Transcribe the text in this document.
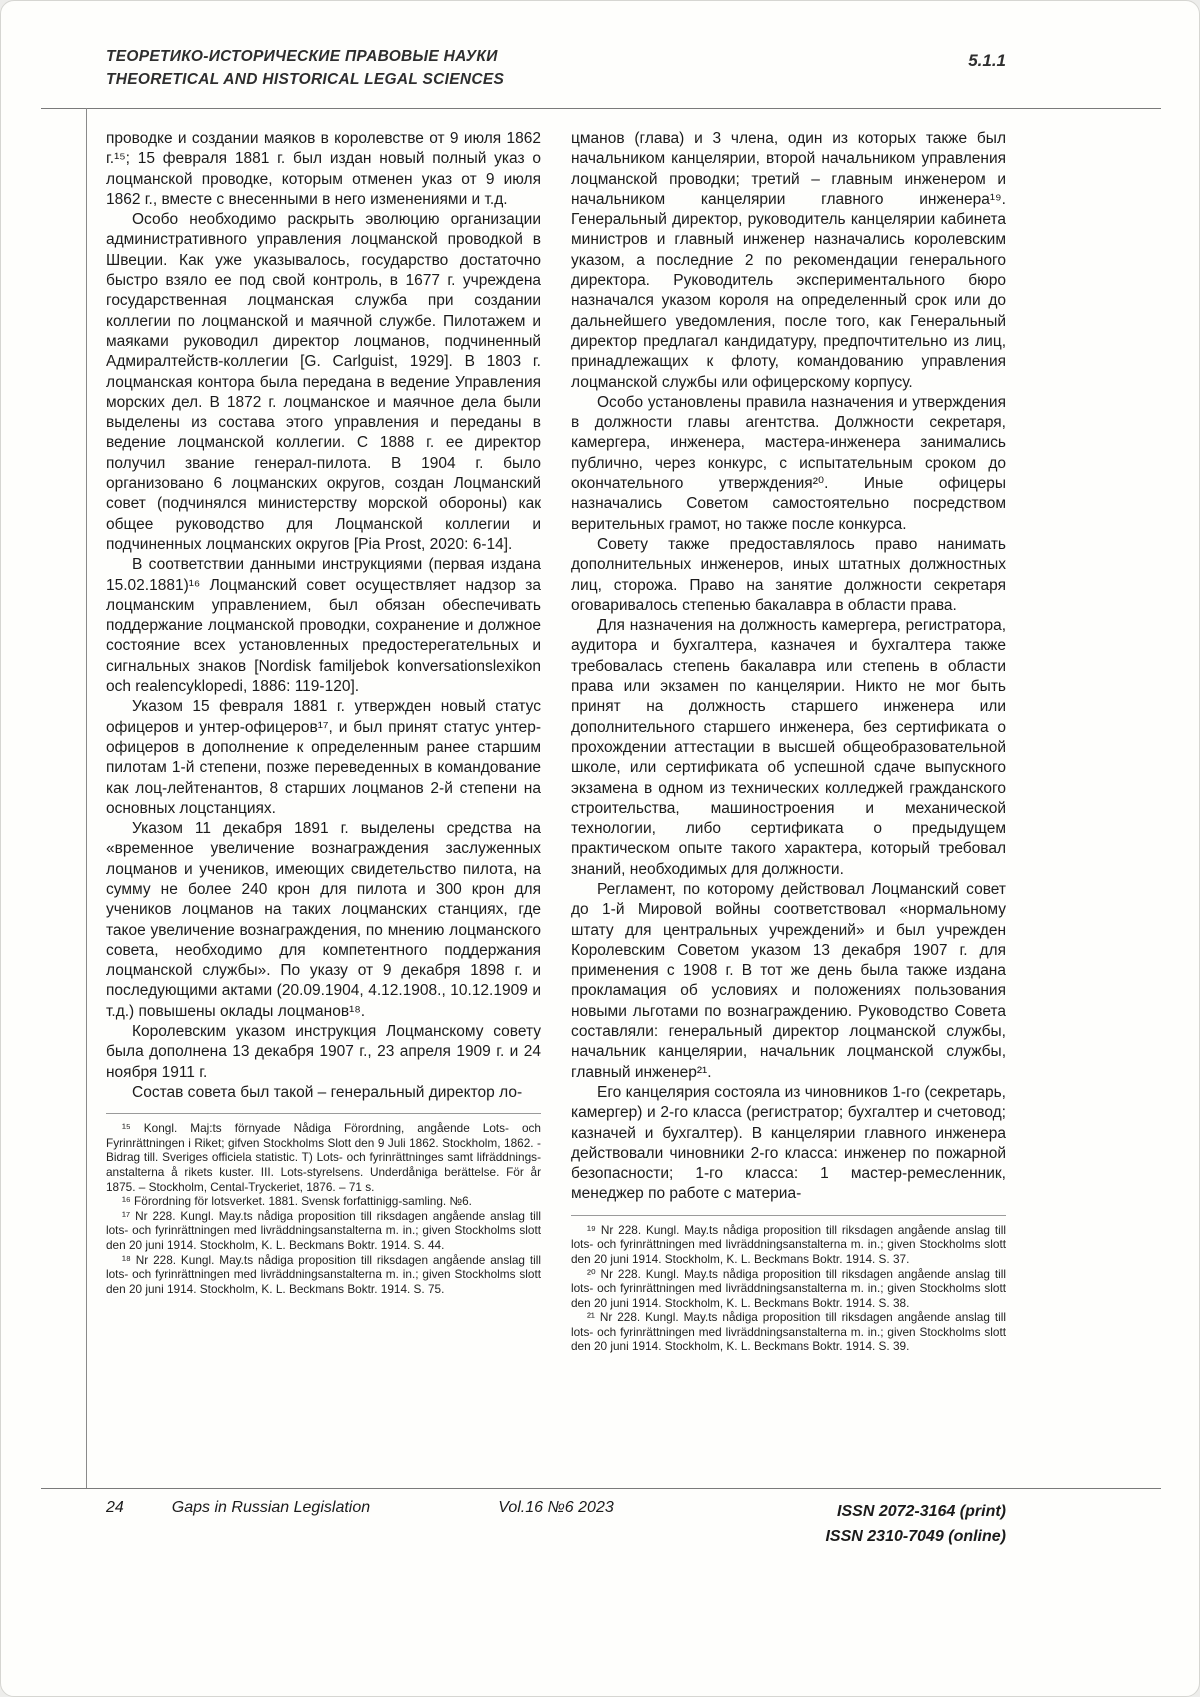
ТЕОРЕТИКО-ИСТОРИЧЕСКИЕ ПРАВОВЫЕ НАУКИ
THEORETICAL AND HISTORICAL LEGAL SCIENCES
5.1.1

проводке и создании маяков в королевстве от 9 июля 1862 г.¹⁵; 15 февраля 1881 г. был издан новый полный указ о лоцманской проводке, которым отменен указ от 9 июля 1862 г., вместе с внесенными в него изменениями и т.д.

Особо необходимо раскрыть эволюцию организации административного управления лоцманской проводкой в Швеции. Как уже указывалось, государство достаточно быстро взяло ее под свой контроль, в 1677 г. учреждена государственная лоцманская служба при создании коллегии по лоцманской и маячной службе. Пилотажем и маяками руководил директор лоцманов, подчиненный Адмиралтейств-коллегии [G. Carlguist, 1929]. В 1803 г. лоцманская контора была передана в ведение Управления морских дел. В 1872 г. лоцманское и маячное дела были выделены из состава этого управления и переданы в ведение лоцманской коллегии. С 1888 г. ее директор получил звание генерал-пилота. В 1904 г. было организовано 6 лоцманских округов, создан Лоцманский совет (подчинялся министерству морской обороны) как общее руководство для Лоцманской коллегии и подчиненных лоцманских округов [Pia Prost, 2020: 6-14].

В соответствии данными инструкциями (первая издана 15.02.1881)¹⁶ Лоцманский совет осуществляет надзор за лоцманским управлением, был обязан обеспечивать поддержание лоцманской проводки, сохранение и должное состояние всех установленных предостерегательных и сигнальных знаков [Nordisk familjebok konversationslexikon och realencyklopedi, 1886: 119-120].

Указом 15 февраля 1881 г. утвержден новый статус офицеров и унтер-офицеров¹⁷, и был принят статус унтер-офицеров в дополнение к определенным ранее старшим пилотам 1-й степени, позже переведенных в командование как лоц-лейтенантов, 8 старших лоцманов 2-й степени на основных лоцстанциях.

Указом 11 декабря 1891 г. выделены средства на «временное увеличение вознаграждения заслуженных лоцманов и учеников, имеющих свидетельство пилота, на сумму не более 240 крон для пилота и 300 крон для учеников лоцманов на таких лоцманских станциях, где такое увеличение вознаграждения, по мнению лоцманского совета, необходимо для компетентного поддержания лоцманской службы». По указу от 9 декабря 1898 г. и последующими актами (20.09.1904, 4.12.1908., 10.12.1909 и т.д.) повышены оклады лоцманов¹⁸.

Королевским указом инструкция Лоцманскому совету была дополнена 13 декабря 1907 г., 23 апреля 1909 г. и 24 ноября 1911 г.

Состав совета был такой – генеральный директор ло-

¹⁵ Kongl. Maj:ts förnyade Nådiga Förordning, angående Lots- och Fyrinrättningen i Riket; gifven Stockholms Slott den 9 Juli 1862. Stockholm, 1862. - Bidrag till. Sveriges officiela statistic. T) Lots- och fyrinrättninges samt lifräddnings-anstalterna å rikets kuster. III. Lots-styrelsens. Underdåniga berättelse. För år 1875. – Stockholm, Cental-Tryckeriet, 1876. – 71 s.

¹⁶ Förordning för lotsverket. 1881. Svensk forfattinigg-samling. №6.

¹⁷ Nr 228. Kungl. May.ts nådiga proposition till riksdagen angående anslag till lots- och fyrinrättningen med livräddningsanstalterna m. in.; given Stockholms slott den 20 juni 1914. Stockholm, K. L. Beckmans Boktr. 1914. S. 44.

¹⁸ Nr 228. Kungl. May.ts nådiga proposition till riksdagen angående anslag till lots- och fyrinrättningen med livräddningsanstalterna m. in.; given Stockholms slott den 20 juni 1914. Stockholm, K. L. Beckmans Boktr. 1914. S. 75.

цманов (глава) и 3 члена, один из которых также был начальником канцелярии, второй начальником управления лоцманской проводки; третий – главным инженером и начальником канцелярии главного инженера¹⁹. Генеральный директор, руководитель канцелярии кабинета министров и главный инженер назначались королевским указом, а последние 2 по рекомендации генерального директора. Руководитель экспериментального бюро назначался указом короля на определенный срок или до дальнейшего уведомления, после того, как Генеральный директор предлагал кандидатуру, предпочтительно из лиц, принадлежащих к флоту, командованию управления лоцманской службы или офицерскому корпусу.

Особо установлены правила назначения и утверждения в должности главы агентства. Должности секретаря, камергера, инженера, мастера-инженера занимались публично, через конкурс, с испытательным сроком до окончательного утверждения²⁰. Иные офицеры назначались Советом самостоятельно посредством верительных грамот, но также после конкурса.

Совету также предоставлялось право нанимать дополнительных инженеров, иных штатных должностных лиц, сторожа. Право на занятие должности секретаря оговаривалось степенью бакалавра в области права.

Для назначения на должность камергера, регистратора, аудитора и бухгалтера, казначея и бухгалтера также требовалась степень бакалавра или степень в области права или экзамен по канцелярии. Никто не мог быть принят на должность старшего инженера или дополнительного старшего инженера, без сертификата о прохождении аттестации в высшей общеобразовательной школе, или сертификата об успешной сдаче выпускного экзамена в одном из технических колледжей гражданского строительства, машиностроения и механической технологии, либо сертификата о предыдущем практическом опыте такого характера, который требовал знаний, необходимых для должности.

Регламент, по которому действовал Лоцманский совет до 1-й Мировой войны соответствовал «нормальному штату для центральных учреждений» и был учрежден Королевским Советом указом 13 декабря 1907 г. для применения с 1908 г. В тот же день была также издана прокламация об условиях и положениях пользования новыми льготами по вознаграждению. Руководство Совета составляли: генеральный директор лоцманской службы, начальник канцелярии, начальник лоцманской службы, главный инженер²¹.

Его канцелярия состояла из чиновников 1-го (секретарь, камергер) и 2-го класса (регистратор; бухгалтер и счетовод; казначей и бухгалтер). В канцелярии главного инженера действовали чиновники 2-го класса: инженер по пожарной безопасности; 1-го класса: 1 мастер-ремесленник, менеджер по работе с материа-

¹⁹ Nr 228. Kungl. May.ts nådiga proposition till riksdagen angående anslag till lots- och fyrinrättningen med livräddningsanstalterna m. in.; given Stockholms slott den 20 juni 1914. Stockholm, K. L. Beckmans Boktr. 1914. S. 37.

²⁰ Nr 228. Kungl. May.ts nådiga proposition till riksdagen angående anslag till lots- och fyrinrättningen med livräddningsanstalterna m. in.; given Stockholms slott den 20 juni 1914. Stockholm, K. L. Beckmans Boktr. 1914. S. 38.

²¹ Nr 228. Kungl. May.ts nådiga proposition till riksdagen angående anslag till lots- och fyrinrättningen med livräddningsanstalterna m. in.; given Stockholms slott den 20 juni 1914. Stockholm, K. L. Beckmans Boktr. 1914. S. 39.

24	Gaps in Russian Legislation	Vol.16 №6 2023	ISSN 2072-3164 (print)
ISSN 2310-7049 (online)
